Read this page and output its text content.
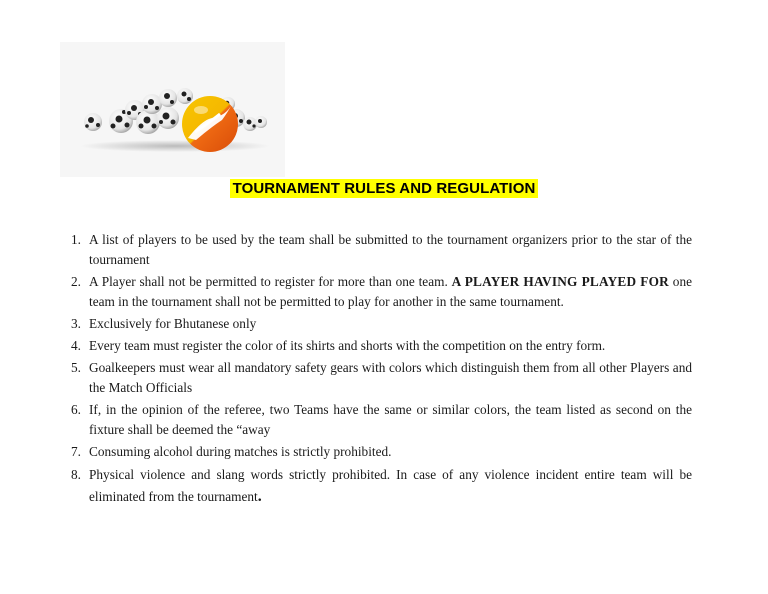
TOURNAMENT RULES AND REGULATION
1. A list of players to be used by the team shall be submitted to the tournament organizers prior to the star of the tournament
2. A Player shall not be permitted to register for more than one team. A PLAYER HAVING PLAYED FOR one team in the tournament shall not be permitted to play for another in the same tournament.
3. Exclusively for Bhutanese only
4. Every team must register the color of its shirts and shorts with the competition on the entry form.
5. Goalkeepers must wear all mandatory safety gears with colors which distinguish them from all other Players and the Match Officials
6. If, in the opinion of the referee, two Teams have the same or similar colors, the team listed as second on the fixture shall be deemed the “away
7. Consuming alcohol during matches is strictly prohibited.
8. Physical violence and slang words strictly prohibited. In case of any violence incident entire team will be eliminated from the tournament.
